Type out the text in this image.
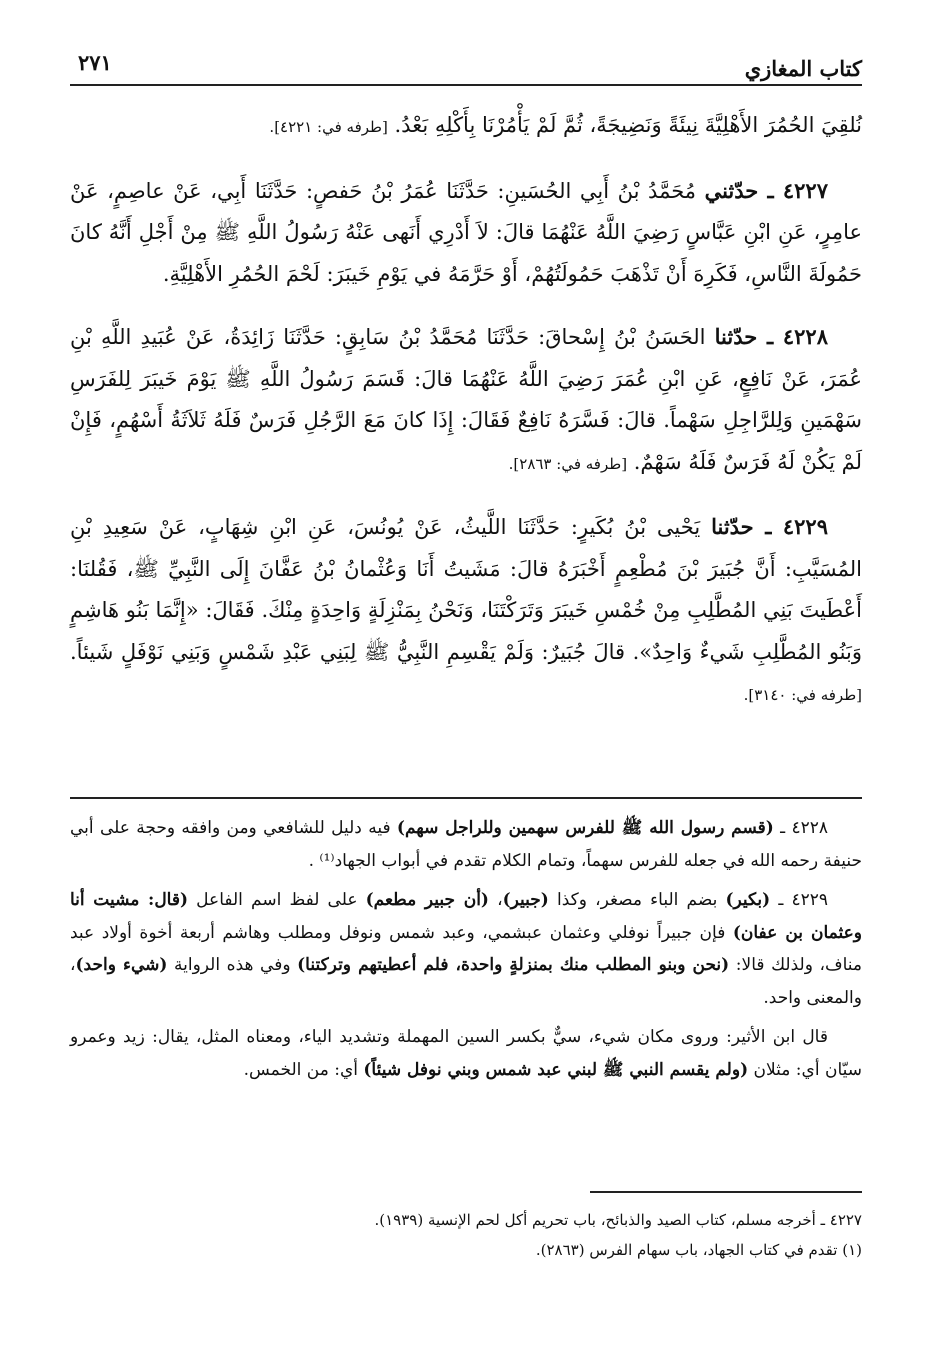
كتاب المغازي
٢٧١

نُلقِيَ الحُمُرَ الأَهْلِيَّةَ نِيئَةً وَنَضِيجَةً، ثُمَّ لَمْ يَأْمُرْنَا بِأَكْلِهِ بَعْدُ. [طرفه في: ٤٢٢١].

٤٢٢٧ ـ حدّثني مُحَمَّدُ بْنُ أَبِي الحُسَينِ: حَدَّثَنَا عُمَرُ بْنُ حَفصٍ: حَدَّثَنَا أَبِي، عَنْ عاصِمٍ، عَنْ عامِرٍ، عَنِ ابْنِ عَبَّاسٍ رَضِيَ اللَّهُ عَنْهُمَا قالَ: لاَ أَدْرِي أَنَهى عَنْهُ رَسُولُ اللَّهِ ﷺ مِنْ أَجْلِ أَنَّهُ كانَ حَمُولَةَ النَّاسِ، فَكَرِهَ أَنْ تَذْهَبَ حَمُولَتُهُمْ، أَوْ حَرَّمَهُ في يَوْمِ خَيبَرَ: لَحْمَ الحُمُرِ الأَهْلِيَّةِ.

٤٢٢٨ ـ حدّثنا الحَسَنُ بْنُ إِسْحاقَ: حَدَّثَنَا مُحَمَّدُ بْنُ سَابِقٍ: حَدَّثَنَا زَائِدَةُ، عَنْ عُبَيدِ اللَّهِ بْنِ عُمَرَ، عَنْ نَافِعٍ، عَنِ ابْنِ عُمَرَ رَضِيَ اللَّهُ عَنْهُمَا قالَ: قَسَمَ رَسُولُ اللَّهِ ﷺ يَوْمَ خَيبَرَ لِلفَرَسِ سَهْمَينِ وَلِلرَّاجِلِ سَهْماً. قالَ: فَسَّرَهُ نَافِعٌ فَقَالَ: إِذَا كانَ مَعَ الرَّجُلِ فَرَسٌ فَلَهُ ثَلاَثَةُ أَسْهُمٍ، فَإِنْ لَمْ يَكُنْ لَهُ فَرَسٌ فَلَهُ سَهْمٌ. [طرفه في: ٢٨٦٣].

٤٢٢٩ ـ حدّثنا يَحْيى بْنُ بُكَيرٍ: حَدَّثَنَا اللَّيثُ، عَنْ يُونُسَ، عَنِ ابْنِ شِهَابٍ، عَنْ سَعِيدِ بْنِ المُسَيَّبِ: أَنَّ جُبَيرَ بْنَ مُطْعِمٍ أَخْبَرَهُ قالَ: مَشَيتُ أَنَا وَعُثْمانُ بْنُ عَفَّانَ إِلَى النَّبِيِّ ﷺ، فَقُلنَا: أَعْطَيتَ بَنِي المُطَّلِبِ مِنْ خُمْسِ خَيبَرَ وَتَرَكْتَنَا، وَنَحْنُ بِمَنْزِلَةٍ وَاحِدَةٍ مِنْكَ. فَقَالَ: «إِنَّمَا بَنُو هَاشِمٍ وَبَنُو المُطَّلِبِ شَيءٌ وَاحِدٌ». قالَ جُبَيرٌ: وَلَمْ يَقْسِمِ النَّبِيُّ ﷺ لِبَنِي عَبْدِ شَمْسٍ وَبَنِي نَوْفَلٍ شَيئاً. [طرفه في: ٣١٤٠].

٤٢٢٨ ـ (قسم رسول الله ﷺ للفرس سهمين وللراجل سهم) فيه دليل للشافعي ومن وافقه وحجة على أبي حنيفة رحمه الله في جعله للفرس سهماً، وتمام الكلام تقدم في أبواب الجهاد⁽¹⁾ .

٤٢٢٩ ـ (بكير) بضم الباء مصغر، وكذا (جبير)، (أن جبير مطعم) على لفظ اسم الفاعل (قال: مشيت أنا وعثمان بن عفان) فإن جبيراً نوفلي وعثمان عبشمي، وعبد شمس ونوفل ومطلب وهاشم أربعة أخوة أولاد عبد مناف، ولذلك قالا: (نحن وبنو المطلب منك بمنزلةٍ واحدة، فلم أعطيتهم وتركتنا) وفي هذه الرواية (شيء واحد)، والمعنى واحد.

قال ابن الأثير: وروى مكان شيء، سيٌّ بكسر السين المهملة وتشديد الياء، ومعناه المثل، يقال: زيد وعمرو سيّان أي: مثلان (ولم يقسم النبي ﷺ لبني عبد شمس وبني نوفل شيئاً) أي: من الخمس.

٤٢٢٧ ـ أخرجه مسلم، كتاب الصيد والذبائح، باب تحريم أكل لحم الإنسية (١٩٣٩).

(١) تقدم في كتاب الجهاد، باب سهام الفرس (٢٨٦٣).
